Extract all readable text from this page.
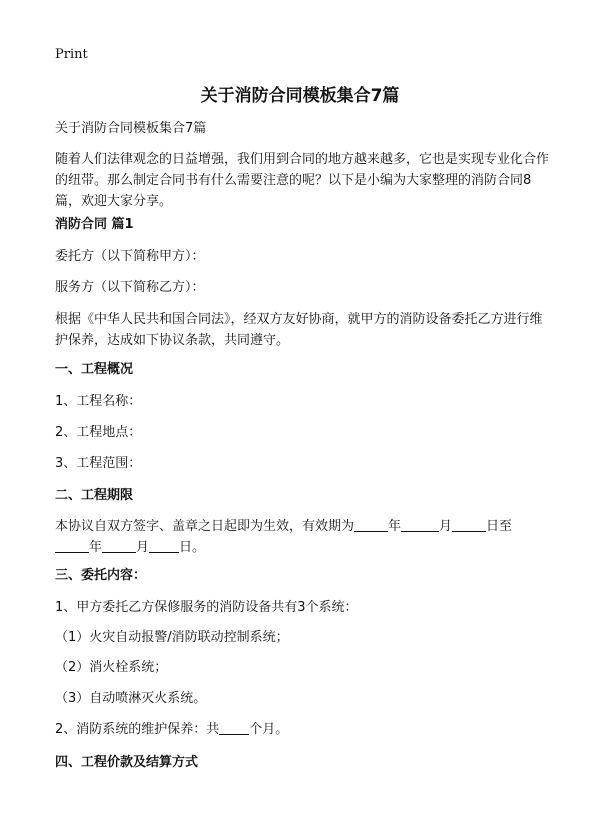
Print
关于消防合同模板集合7篇

关于消防合同模板集合7篇

随着人们法律观念的日益增强，我们用到合同的地方越来越多，它也是实现专业化合作的纽带。那么制定合同书有什么需要注意的呢？以下是小编为大家整理的消防合同8篇，欢迎大家分享。

消防合同 篇1

委托方（以下简称甲方）：

服务方（以下简称乙方）：

根据《中华人民共和国合同法》，经双方友好协商，就甲方的消防设备委托乙方进行维护保养，达成如下协议条款，共同遵守。

一、工程概况

1、工程名称：

2、工程地点：

3、工程范围：

二、工程期限

本协议自双方签字、盖章之日起即为生效，有效期为	年	月	日至
年	月 日。

三、委托内容：

1、甲方委托乙方保修服务的消防设备共有3个系统：

（1）火灾自动报警/消防联动控制系统；

（2）消火栓系统；

（3）自动喷淋灭火系统。

2、消防系统的维护保养：共 个月。

四、工程价款及结算方式
